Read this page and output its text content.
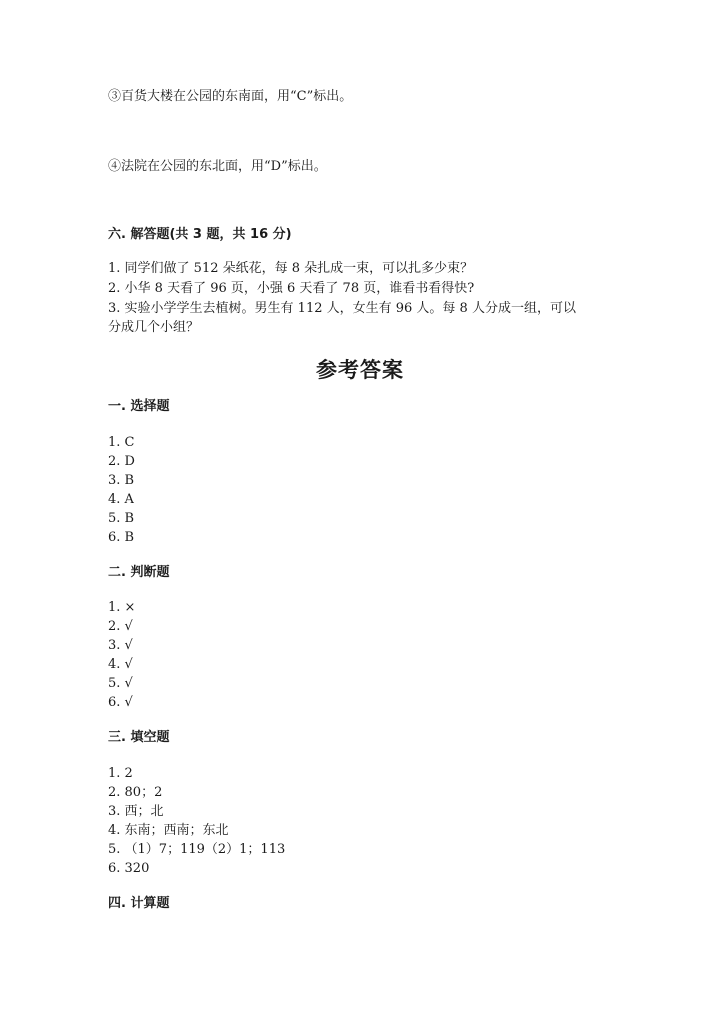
③百货大楼在公园的东南面，用“C”标出。
④法院在公园的东北面，用“D”标出。
六. 解答题(共 3 题，共 16 分)
1. 同学们做了 512 朵纸花，每 8 朵扎成一束，可以扎多少束？
2. 小华 8 天看了 96 页，小强 6 天看了 78 页，谁看书看得快?
3. 实验小学学生去植树。男生有 112 人，女生有 96 人。每 8 人分成一组，可以
分成几个小组？
参考答案
一. 选择题
1. C
2. D
3. B
4. A
5. B
6. B
二. 判断题
1. ×
2. √
3. √
4. √
5. √
6. √
三. 填空题
1. 2
2. 80；2
3. 西；北
4. 东南；西南；东北
5. （1）7；119（2）1；113
6. 320
四. 计算题
